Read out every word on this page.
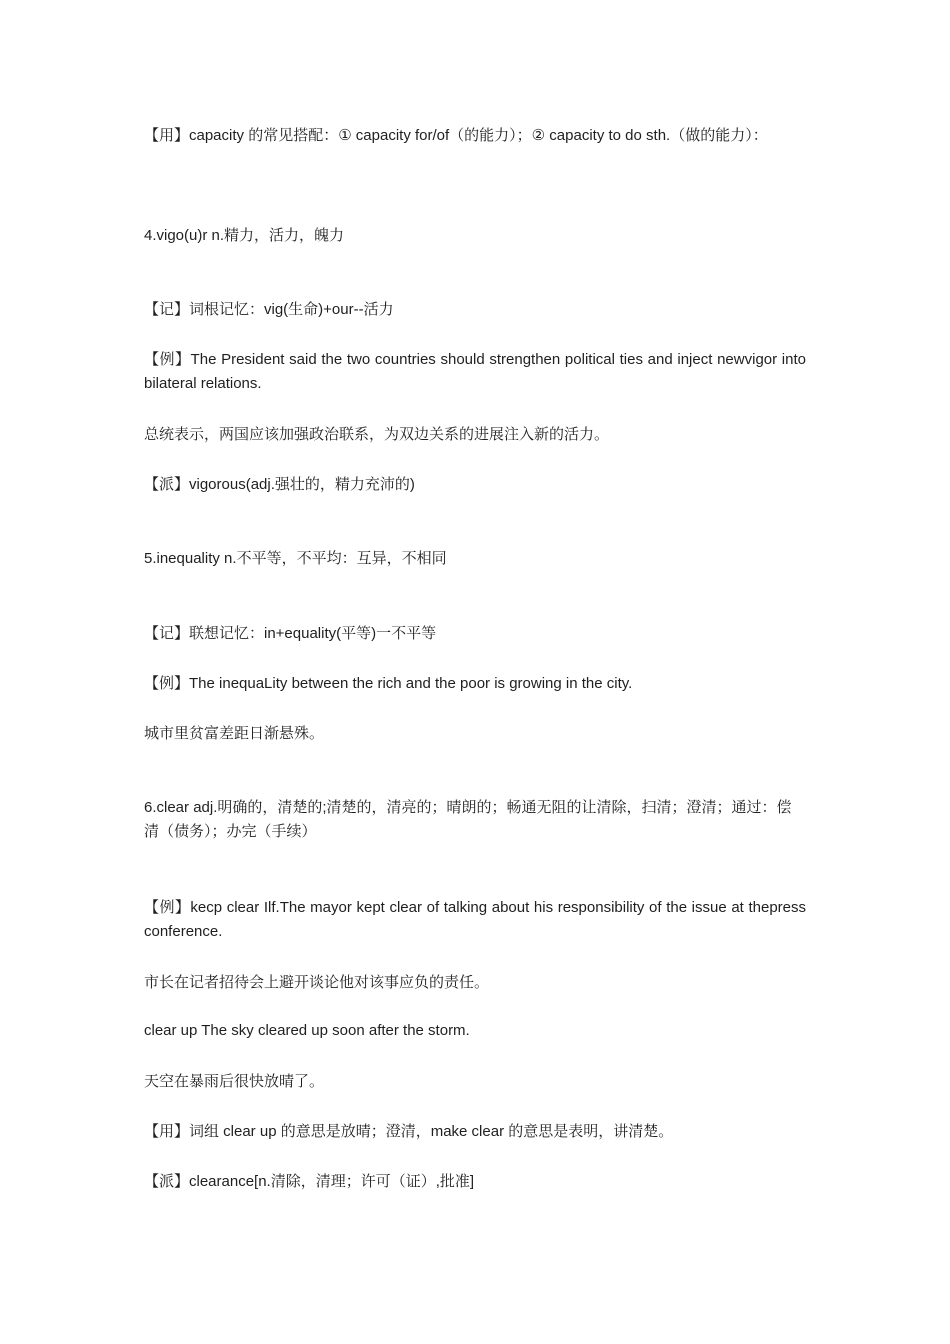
【用】capacity 的常见搭配：① capacity for/of（的能力）；② capacity to do sth.（做的能力）：

4.vigo(u)r n.精力，活力，魄力

【记】词根记忆：vig(生命)+our--活力

【例】The President said the two countries should strengthen political ties and inject newvigor into bilateral relations.

总统表示，两国应该加强政治联系，为双边关系的进展注入新的活力。

【派】vigorous(adj.强壮的，精力充沛的)

5.inequality n.不平等，不平均：互异，不相同

【记】联想记忆：in+equality(平等)一不平等

【例】The inequaLity between the rich and the poor is growing in the city.

城市里贫富差距日渐悬殊。

6.clear adj.明确的，清楚的;清楚的，清亮的；晴朗的；畅通无阻的让清除，扫清；澄清；通过：偿清（债务）；办完（手续）

【例】kecp clear Ilf.The mayor kept clear of talking about his responsibility of the issue at thepress conference.

市长在记者招待会上避开谈论他对该事应负的责任。

clear up The sky cleared up soon after the storm.

天空在暴雨后很快放晴了。

【用】词组 clear up 的意思是放晴；澄清，make clear 的意思是表明，讲清楚。

【派】clearance[n.清除，清理；许可（证）,批准]
